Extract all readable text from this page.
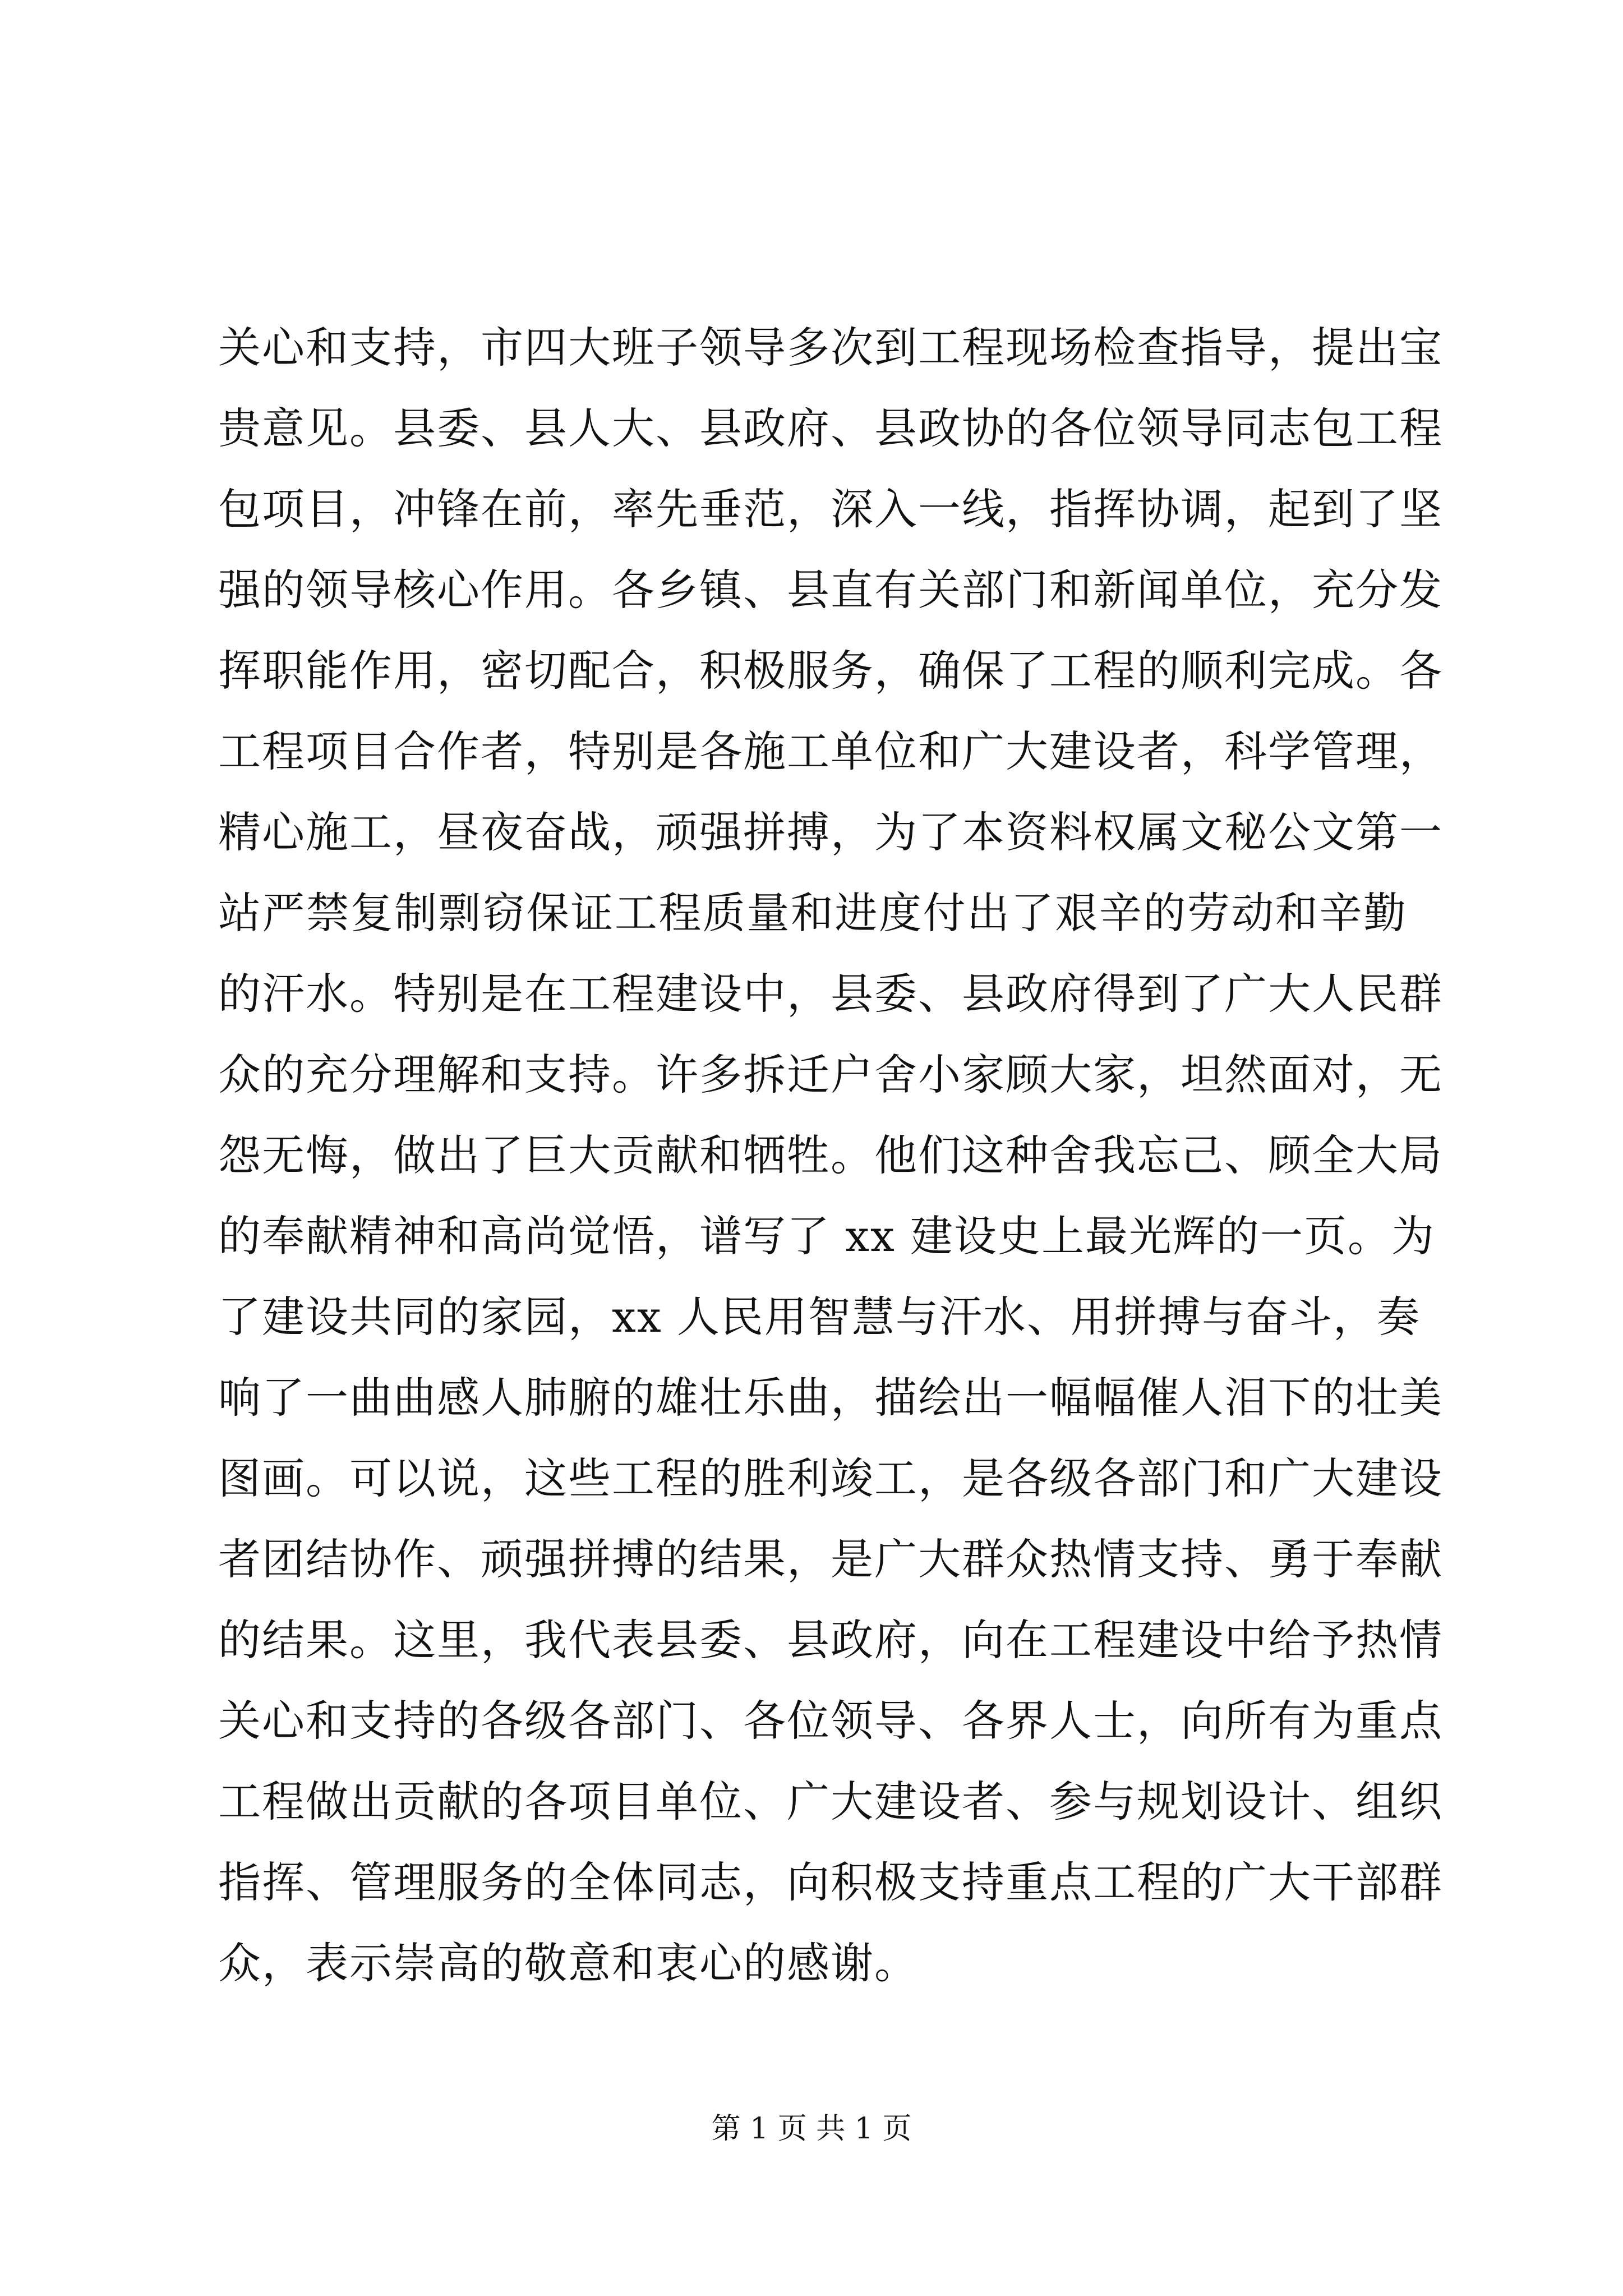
关心和支持，市四大班子领导多次到工程现场检查指导，提出宝
贵意见。县委、县人大、县政府、县政协的各位领导同志包工程
包项目，冲锋在前，率先垂范，深入一线，指挥协调，起到了坚
强的领导核心作用。各乡镇、县直有关部门和新闻单位，充分发
挥职能作用，密切配合，积极服务，确保了工程的顺利完成。各
工程项目合作者，特别是各施工单位和广大建设者，科学管理，
精心施工，昼夜奋战，顽强拼搏，为了本资料权属文秘公文第一
站严禁复制剽窃保证工程质量和进度付出了艰辛的劳动和辛勤
的汗水。特别是在工程建设中，县委、县政府得到了广大人民群
众的充分理解和支持。许多拆迁户舍小家顾大家，坦然面对，无
怨无悔，做出了巨大贡献和牺牲。他们这种舍我忘己、顾全大局
的奉献精神和高尚觉悟，谱写了 xx 建设史上最光辉的一页。为
了建设共同的家园，xx 人民用智慧与汗水、用拼搏与奋斗，奏
响了一曲曲感人肺腑的雄壮乐曲，描绘出一幅幅催人泪下的壮美
图画。可以说，这些工程的胜利竣工，是各级各部门和广大建设
者团结协作、顽强拼搏的结果，是广大群众热情支持、勇于奉献
的结果。这里，我代表县委、县政府，向在工程建设中给予热情
关心和支持的各级各部门、各位领导、各界人士，向所有为重点
工程做出贡献的各项目单位、广大建设者、参与规划设计、组织
指挥、管理服务的全体同志，向积极支持重点工程的广大干部群
众，表示崇高的敬意和衷心的感谢。
第 1 页 共 1 页
